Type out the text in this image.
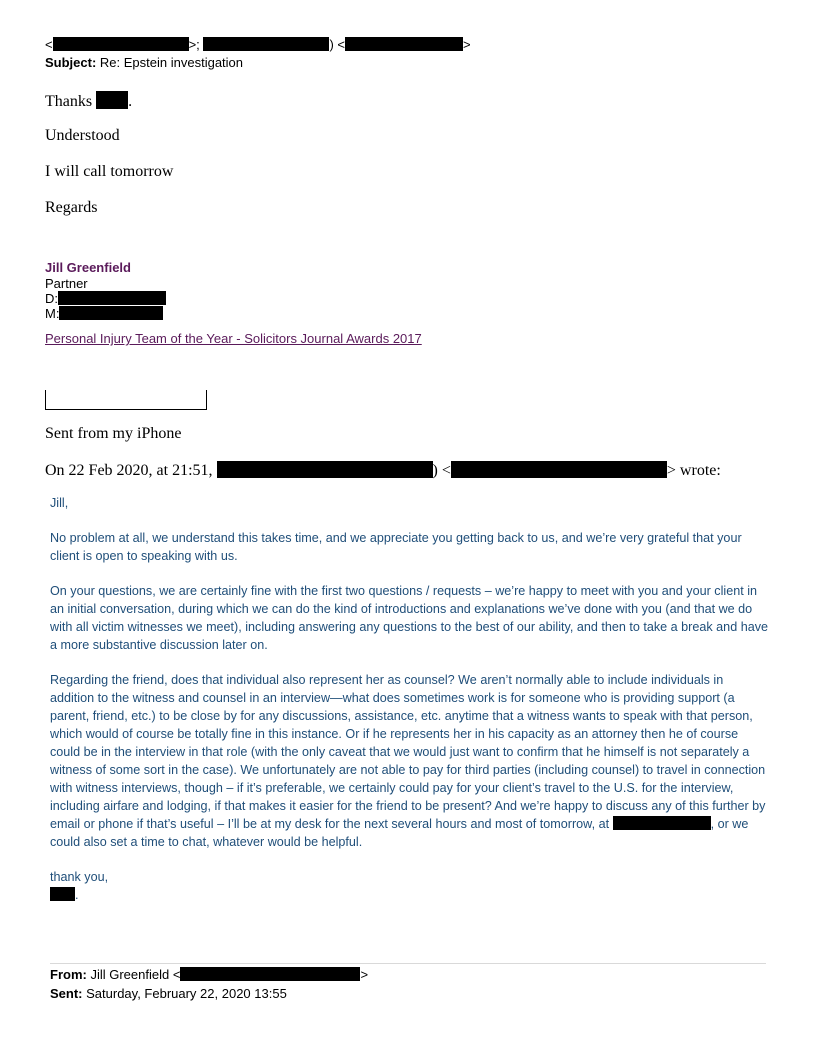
<	>;	) <	>
Subject: Re: Epstein investigation
Thanks .
Understood
I will call tomorrow
Regards
Jill Greenfield
Partner
D:
M:
Personal Injury Team of the Year - Solicitors Journal Awards 2017
Sent from my iPhone
On 22 Feb 2020, at 21:51,	) <	> wrote:

Jill,

No problem at all, we understand this takes time, and we appreciate you getting back to us, and we’re very grateful that your client is open to speaking with us.

On your questions, we are certainly fine with the first two questions / requests – we’re happy to meet with you and your client in an initial conversation, during which we can do the kind of introductions and explanations we’ve done with you (and that we do with all victim witnesses we meet), including answering any questions to the best of our ability, and then to take a break and have a more substantive discussion later on.

Regarding the friend, does that individual also represent her as counsel? We aren’t normally able to include individuals in addition to the witness and counsel in an interview—what does sometimes work is for someone who is providing support (a parent, friend, etc.) to be close by for any discussions, assistance, etc. anytime that a witness wants to speak with that person, which would of course be totally fine in this instance. Or if he represents her in his capacity as an attorney then he of course could be in the interview in that role (with the only caveat that we would just want to confirm that he himself is not separately a witness of some sort in the case). We unfortunately are not able to pay for third parties (including counsel) to travel in connection with witness interviews, though – if it’s preferable, we certainly could pay for your client’s travel to the U.S. for the interview, including airfare and lodging, if that makes it easier for the friend to be present? And we’re happy to discuss any of this further by email or phone if that’s useful – I’ll be at my desk for the next several hours and most of tomorrow, at	, or we could also set a time to chat, whatever would be helpful.

thank you,

.

From: Jill Greenfield <	>
Sent: Saturday, February 22, 2020 13:55
